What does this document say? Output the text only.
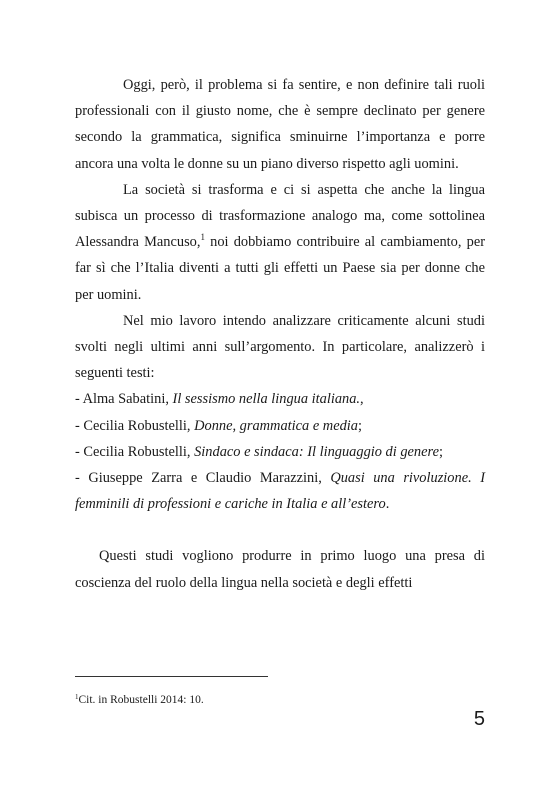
Oggi, però, il problema si fa sentire, e non definire tali ruoli professionali con il giusto nome, che è sempre declinato per genere secondo la grammatica, significa sminuirne l’importanza e porre ancora una volta le donne su un piano diverso rispetto agli uomini.

La società si trasforma e ci si aspetta che anche la lingua subisca un processo di trasformazione analogo ma, come sottolinea Alessandra Mancuso,$^1$ noi dobbiamo contribuire al cambiamento, per far sì che l’Italia diventi a tutti gli effetti un Paese sia per donne che per uomini.

Nel mio lavoro intendo analizzare criticamente alcuni studi svolti negli ultimi anni sull’argomento. In particolare, analizzerò i seguenti testi:

- Alma Sabatini, Il sessismo nella lingua italiana.,

- Cecilia Robustelli, Donne, grammatica e media;

- Cecilia Robustelli, Sindaco e sindaca: Il linguaggio di genere;

- Giuseppe Zarra e Claudio Marazzini, Quasi una rivoluzione. I femminili di professioni e cariche in Italia e all’estero.

Questi studi vogliono produrre in primo luogo una presa di coscienza del ruolo della lingua nella società e degli effetti

$^1$Cit. in Robustelli 2014: 10.
5
